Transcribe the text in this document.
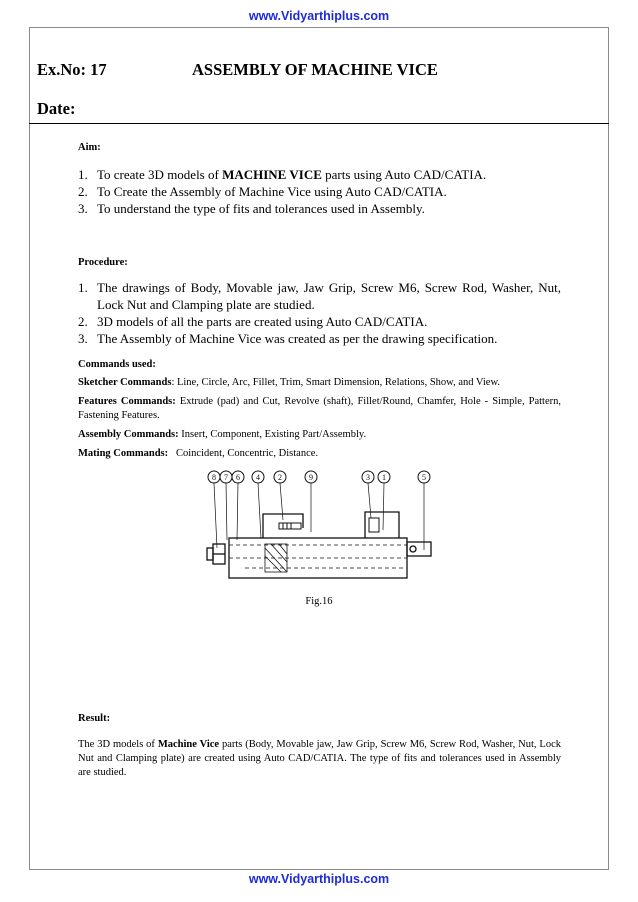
www.Vidyarthiplus.com
Ex.No: 17	ASSEMBLY OF MACHINE VICE
Date:
Aim:
1. To create 3D models of MACHINE VICE parts using Auto CAD/CATIA.
2. To Create the Assembly of Machine Vice using Auto CAD/CATIA.
3. To understand the type of fits and tolerances used in Assembly.
Procedure:
1. The drawings of Body, Movable jaw, Jaw Grip, Screw M6, Screw Rod, Washer, Nut, Lock Nut and Clamping plate are studied.
2. 3D models of all the parts are created using Auto CAD/CATIA.
3. The Assembly of Machine Vice was created as per the drawing specification.
Commands used:
Sketcher Commands: Line, Circle, Arc, Fillet, Trim, Smart Dimension, Relations, Show, and View.
Features Commands: Extrude (pad) and Cut, Revolve (shaft), Fillet/Round, Chamfer, Hole - Simple, Pattern, Fastening Features.
Assembly Commands: Insert, Component, Existing Part/Assembly.
Mating Commands: Coincident, Concentric, Distance.
8 7 6 4 2	9	3 1	5
Fig.16
Result:
The 3D models of Machine Vice parts (Body, Movable jaw, Jaw Grip, Screw M6, Screw Rod, Washer, Nut, Lock Nut and Clamping plate) are created using Auto CAD/CATIA. The type of fits and tolerances used in Assembly are studied.
www.Vidyarthiplus.com
